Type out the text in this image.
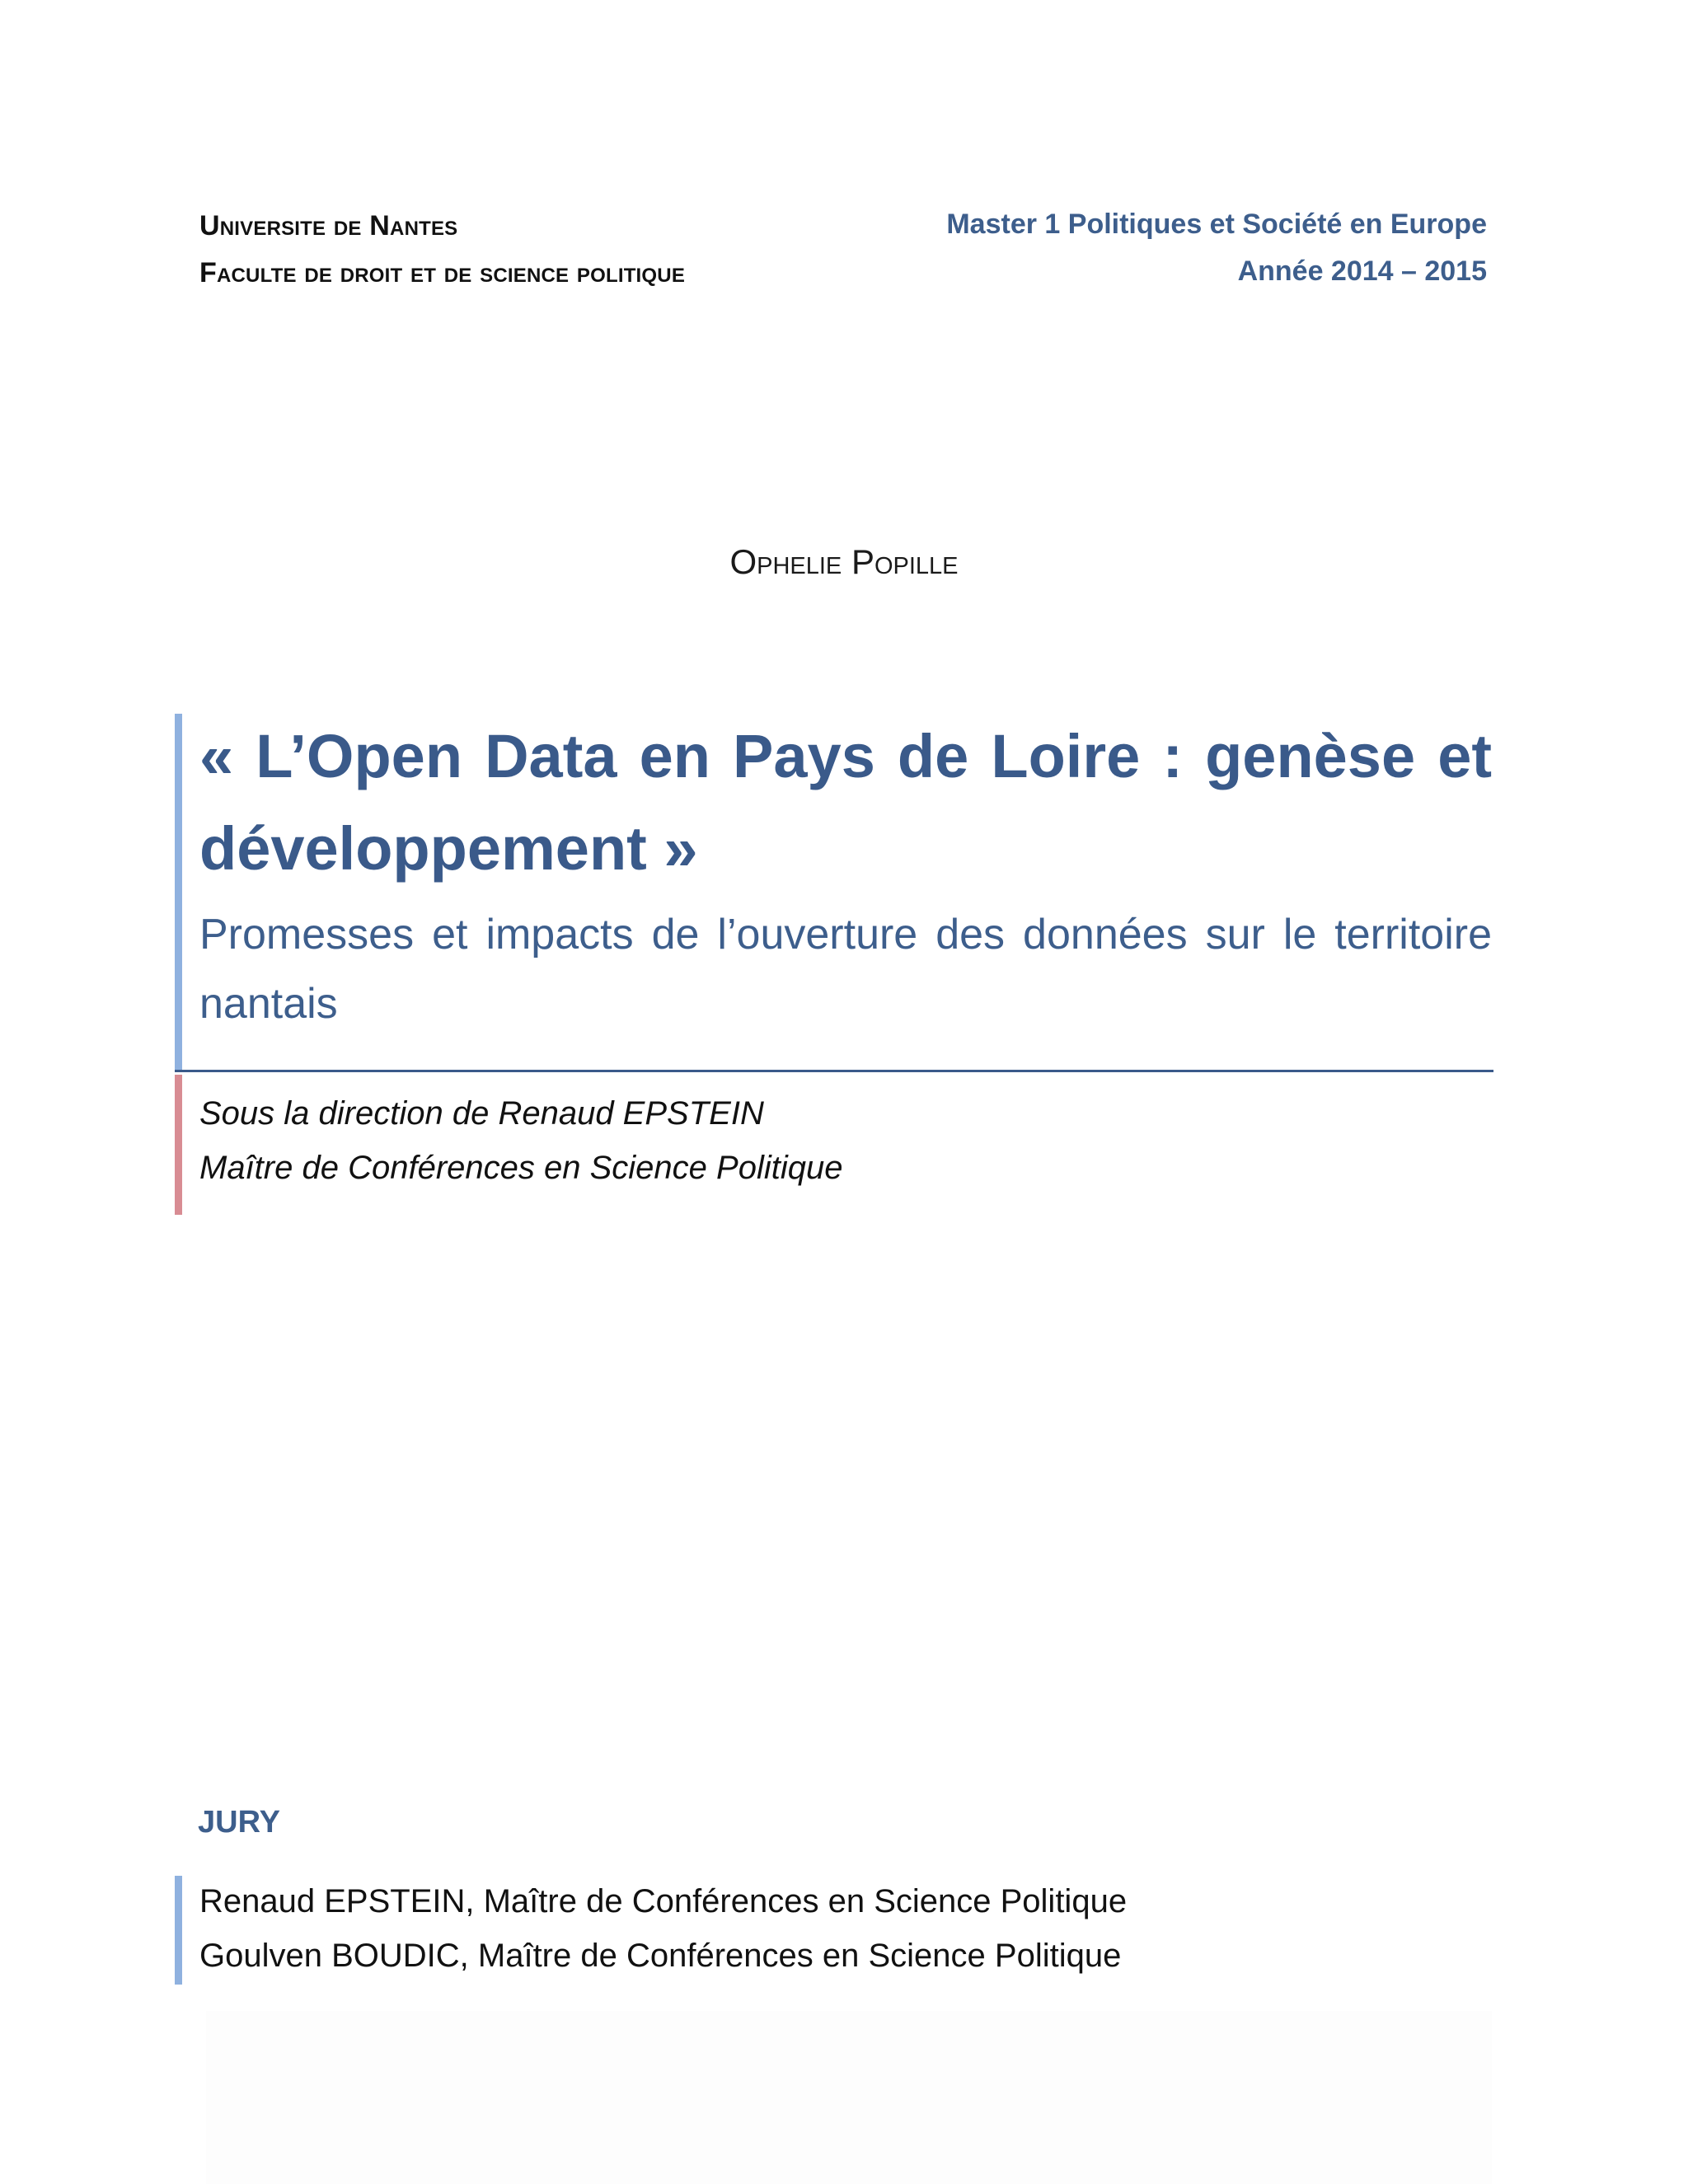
Universite de Nantes
Faculte de droit et de science politique
Master 1 Politiques et Société en Europe
Année 2014 – 2015
Ophelie Popille

« L’Open Data en Pays de Loire : genèse et développement »

Promesses et impacts de l’ouverture des données sur le territoire nantais

Sous la direction de Renaud EPSTEIN
Maître de Conférences en Science Politique
JURY
Renaud EPSTEIN, Maître de Conférences en Science Politique
Goulven BOUDIC, Maître de Conférences en Science Politique
